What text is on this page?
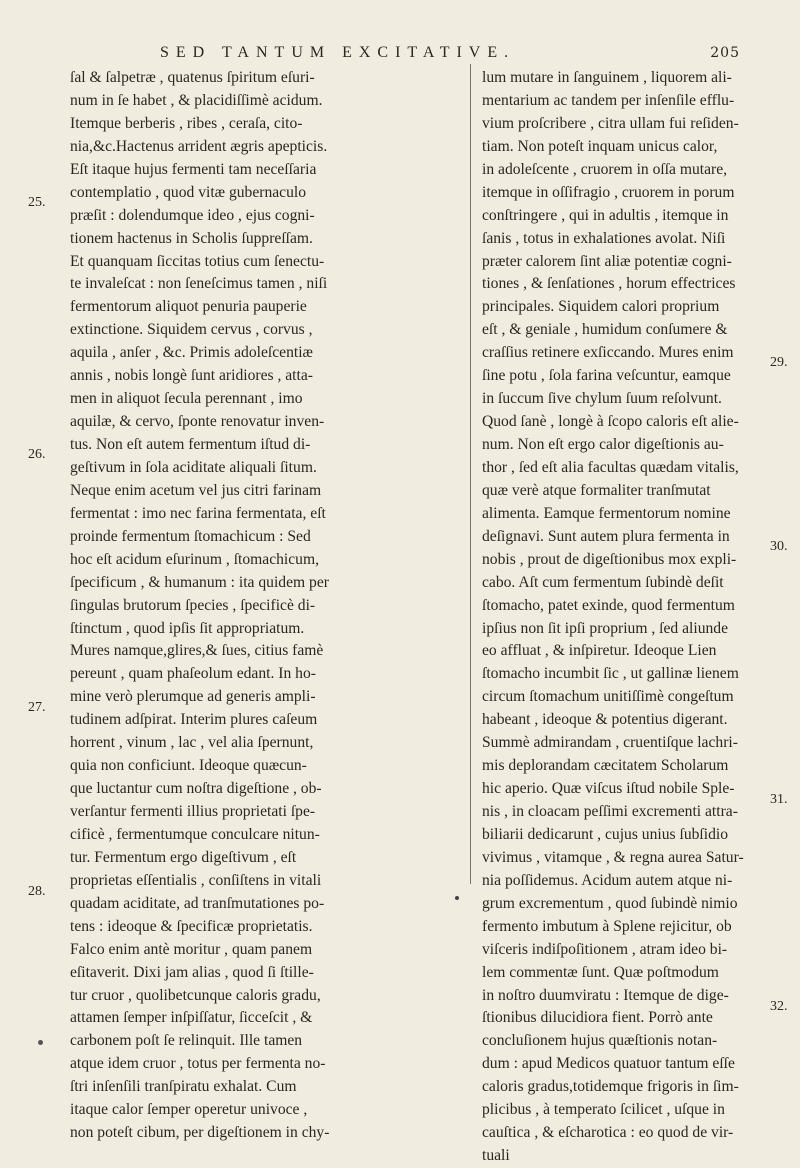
SED TANTUM EXCITATIVE.	205
ſal & ſalpetræ , quatenus ſpiritum eſuri-
num in ſe habet , & placidiſſimè acidum.
Itemque berberis , ribes , ceraſa, cito-
nia,&c.Hactenus arrident ægris apepticis.
Eſt itaque hujus fermenti tam neceſſaria
contemplatio , quod vitæ gubernaculo
præſit : dolendumque ideo , ejus cogni-
tionem hactenus in Scholis ſuppreſſam.
Et quanquam ſiccitas totius cum ſenectu-
te invaleſcat : non ſeneſcimus tamen , niſi
fermentorum aliquot penuria pauperie
extinctione. Siquidem cervus , corvus ,
aquila , anſer , &c. Primis adoleſcentiæ
annis , nobis longè ſunt aridiores , atta-
men in aliquot ſecula perennant , imo
aquilæ, & cervo, ſponte renovatur inven-
tus. Non eſt autem fermentum iſtud di-
geſtivum in ſola aciditate aliquali ſitum.
Neque enim acetum vel jus citri farinam
fermentat : imo nec farina fermentata, eſt
proinde fermentum ſtomachicum : Sed
hoc eſt acidum eſurinum , ſtomachicum,
ſpecificum , & humanum : ita quidem per
ſingulas brutorum ſpecies , ſpecificè di-
ſtinctum , quod ipſis ſit appropriatum.
Mures namque,glires,& ſues, citius famè
pereunt , quam phaſeolum edant. In ho-
mine verò plerumque ad generis ampli-
tudinem adſpirat. Interim plures caſeum
horrent , vinum , lac , vel alia ſpernunt,
quia non conficiunt. Ideoque quæcun-
que luctantur cum noſtra digeſtione , ob-
verſantur fermenti illius proprietati ſpe-
cificè , fermentumque conculcare nitun-
tur. Fermentum ergo digeſtivum , eſt
proprietas eſſentialis , conſiſtens in vitali
quadam aciditate, ad tranſmutationes po-
tens : ideoque & ſpecificæ proprietatis.
Falco enim antè moritur , quam panem
eſitaverit. Dixi jam alias , quod ſi ſtille-
tur cruor , quolibetcunque caloris gradu,
attamen ſemper inſpiſſatur, ſicceſcit , &
carbonem poſt ſe relinquit. Ille tamen
atque idem cruor , totus per fermenta no-
ſtri inſenſili tranſpiratu exhalat. Cum
itaque calor ſemper operetur univoce ,
non poteſt cibum, per digeſtionem in chy-
lum mutare in ſanguinem , liquorem ali-
mentarium ac tandem per inſenſile efflu-
vium proſcribere , citra ullam fui reſiden-
tiam. Non poteſt inquam unicus calor,
in adoleſcente , cruorem in oſſa mutare,
itemque in oſſifragio , cruorem in porum
conſtringere , qui in adultis , itemque in
ſanis , totus in exhalationes avolat. Niſi
præter calorem ſint aliæ potentiæ cogni-
tiones , & ſenſationes , horum effectrices
principales. Siquidem calori proprium
eſt , & geniale , humidum conſumere &
craſſius retinere exſiccando. Mures enim
ſine potu , ſola farina veſcuntur, eamque
in ſuccum ſive chylum ſuum reſolvunt.
Quod ſanè , longè à ſcopo caloris eſt alie-
num. Non eſt ergo calor digeſtionis au-
thor , ſed eſt alia facultas quædam vitalis,
quæ verè atque formaliter tranſmutat
alimenta. Eamque fermentorum nomine
deſignavi. Sunt autem plura fermenta in
nobis , prout de digeſtionibus mox expli-
cabo. Aſt cum fermentum ſubindè deſit
ſtomacho, patet exinde, quod fermentum
ipſius non ſit ipſi proprium , ſed aliunde
eo affluat , & inſpiretur. Ideoque Lien
ſtomacho incumbit ſic , ut gallinæ lienem
circum ſtomachum unitiſſimè congeſtum
habeant , ideoque & potentius digerant.
Summè admirandam , cruentiſque lachri-
mis deplorandam cæcitatem Scholarum
hic aperio. Quæ viſcus iſtud nobile Sple-
nis , in cloacam peſſimi excrementi attra-
biliarii dedicarunt , cujus unius ſubſidio
vivimus , vitamque , & regna aurea Satur-
nia poſſidemus. Acidum autem atque ni-
grum excrementum , quod ſubindè nimio
fermento imbutum à Splene rejicitur, ob
viſceris indiſpoſitionem , atram ideo bi-
lem commentæ ſunt. Quæ poſtmodum
in noſtro duumviratu : Itemque de dige-
ſtionibus dilucidiora fient. Porrò ante
concluſionem hujus quæſtionis notan-
dum : apud Medicos quatuor tantum eſſe
caloris gradus,totidemque frigoris in ſim-
plicibus , à temperato ſcilicet , uſque in
cauſtica , & eſcharotica : eo quod de vir-
tuali
25.
26.
27.
28.
29.
30.
31.
32.
